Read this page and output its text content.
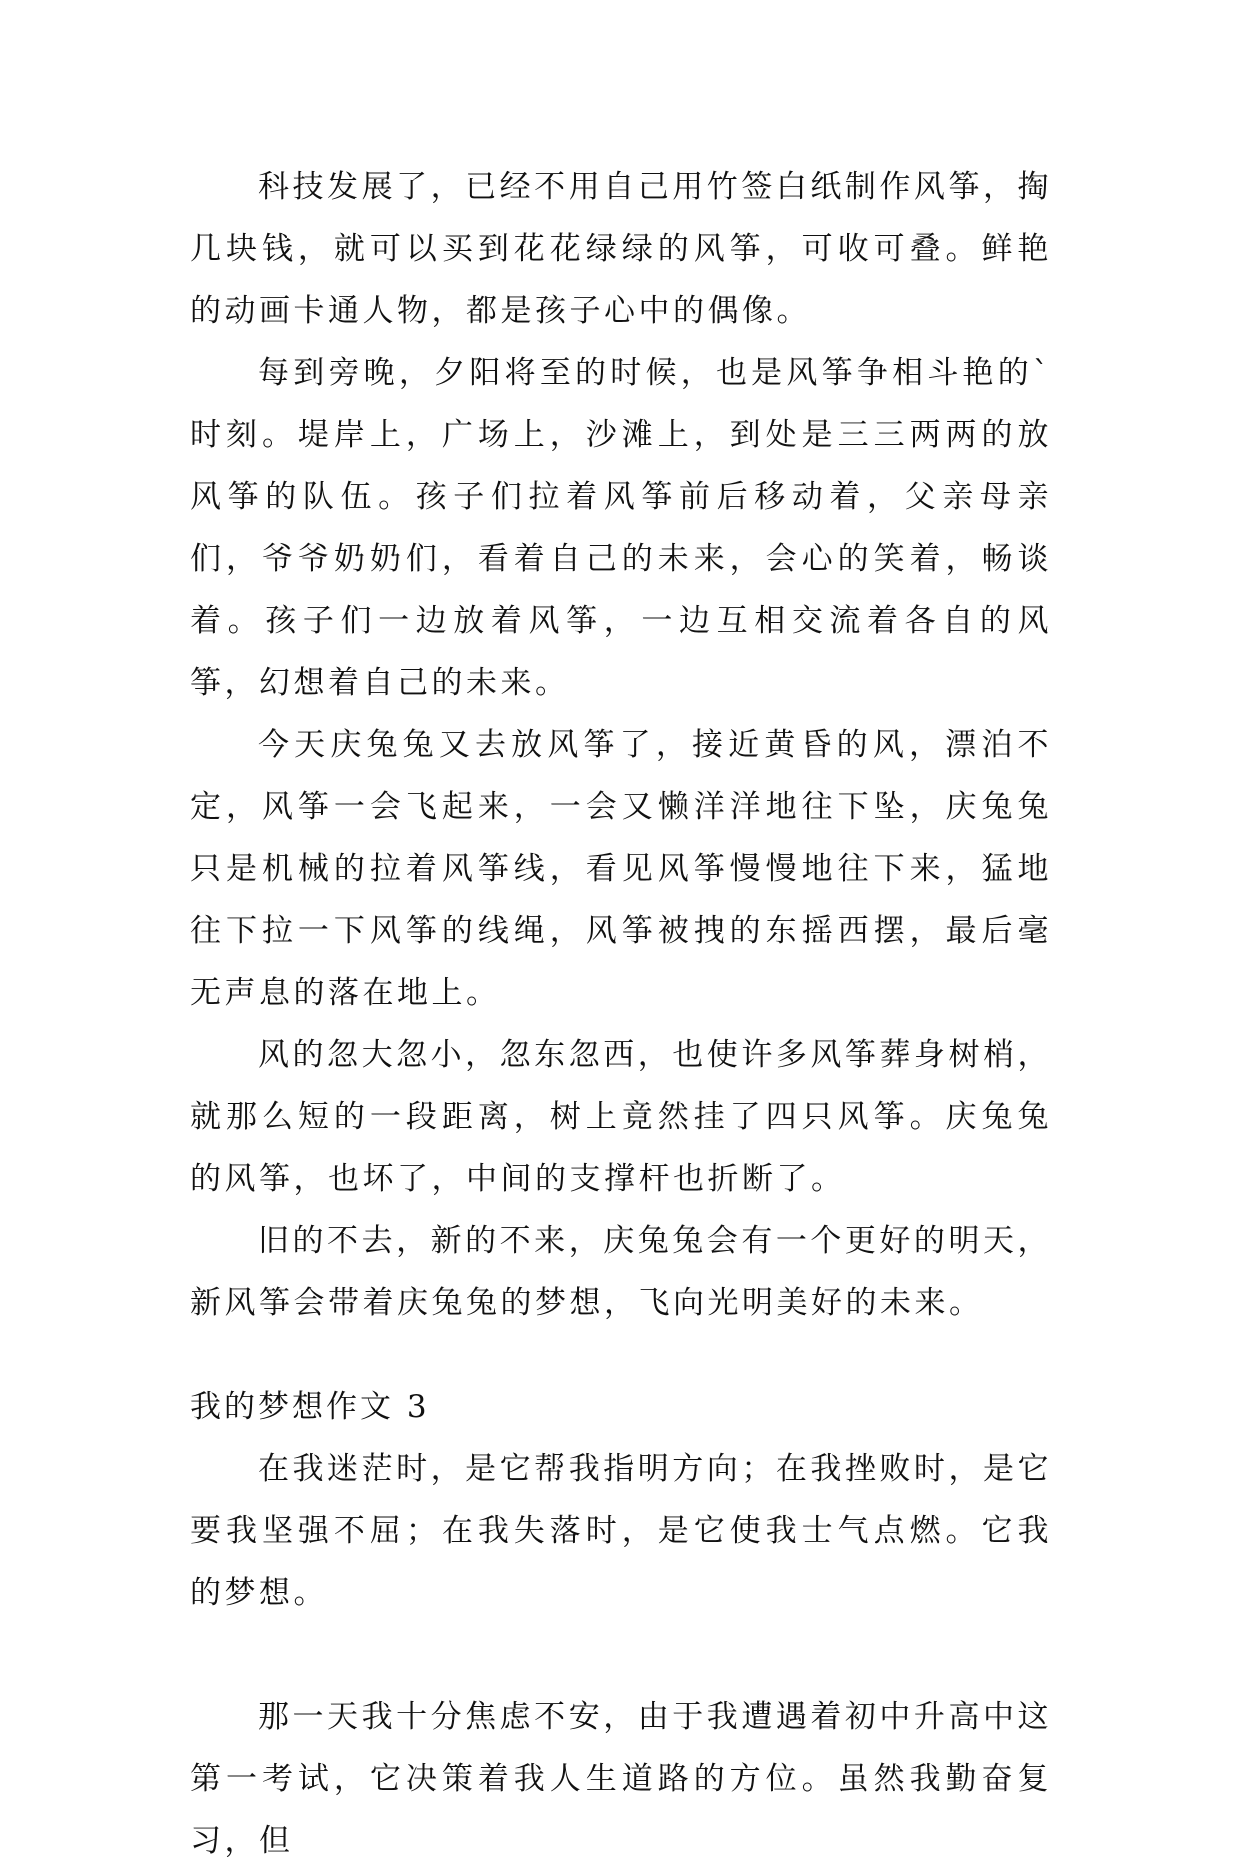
科技发展了，已经不用自己用竹签白纸制作风筝，掏几块钱，就可以买到花花绿绿的风筝，可收可叠。鲜艳的动画卡通人物，都是孩子心中的偶像。

每到旁晚，夕阳将至的时候，也是风筝争相斗艳的`时刻。堤岸上，广场上，沙滩上，到处是三三两两的放风筝的队伍。孩子们拉着风筝前后移动着，父亲母亲们，爷爷奶奶们，看着自己的未来，会心的笑着，畅谈着。孩子们一边放着风筝，一边互相交流着各自的风筝，幻想着自己的未来。

今天庆兔兔又去放风筝了，接近黄昏的风，漂泊不定，风筝一会飞起来，一会又懒洋洋地往下坠，庆兔兔只是机械的拉着风筝线，看见风筝慢慢地往下来，猛地往下拉一下风筝的线绳，风筝被拽的东摇西摆，最后毫无声息的落在地上。

风的忽大忽小，忽东忽西，也使许多风筝葬身树梢，就那么短的一段距离，树上竟然挂了四只风筝。庆兔兔的风筝，也坏了，中间的支撑杆也折断了。

旧的不去，新的不来，庆兔兔会有一个更好的明天，新风筝会带着庆兔兔的梦想，飞向光明美好的未来。

我的梦想作文 3

在我迷茫时，是它帮我指明方向；在我挫败时，是它要我坚强不屈；在我失落时，是它使我士气点燃。它我的梦想。

那一天我十分焦虑不安，由于我遭遇着初中升高中这第一考试，它决策着我人生道路的方位。虽然我勤奋复习，但
